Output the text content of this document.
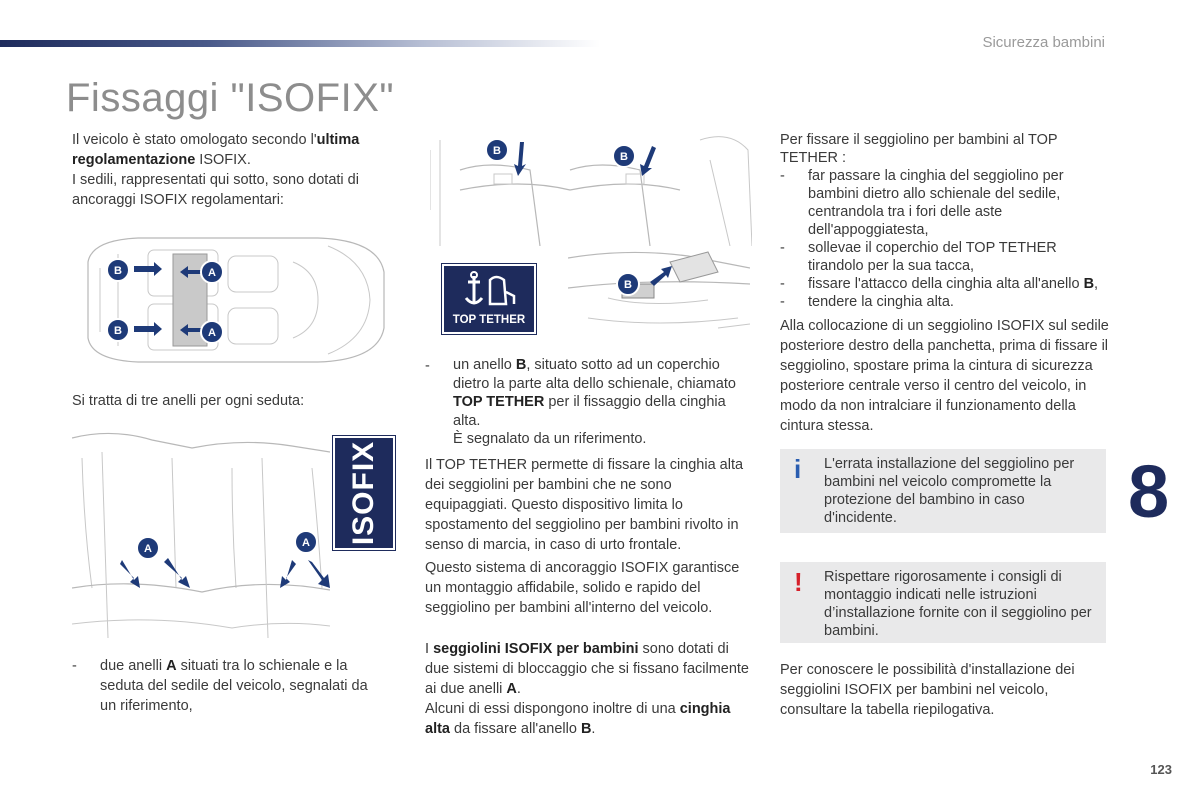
Sicurezza bambini
Fissaggi "ISOFIX"

Il veicolo è stato omologato secondo l'ultima regolamentazione ISOFIX.

I sedili, rappresentati qui sotto, sono dotati di ancoraggi ISOFIX regolamentari:

B
B
A
A
Si tratta di tre anelli per ogni seduta:
A	A ISOFIX
-	due anelli A situati tra lo schienale e la seduta del sedile del veicolo, segnalati da un riferimento,
B	B
TOP TETHER
B
-	un anello B, situato sotto ad un coperchio dietro la parte alta dello schienale, chiamato TOP TETHER per il fissaggio della cinghia alta.
È segnalato da un riferimento.
Il TOP TETHER permette di fissare la cinghia alta dei seggiolini per bambini che ne sono equipaggiati. Questo dispositivo limita lo spostamento del seggiolino per bambini rivolto in senso di marcia, in caso di urto frontale.
Questo sistema di ancoraggio ISOFIX garantisce un montaggio affidabile, solido e rapido del seggiolino per bambini all'interno del veicolo.

I seggiolini ISOFIX per bambini sono dotati di due sistemi di bloccaggio che si fissano facilmente ai due anelli A.

Alcuni di essi dispongono inoltre di una cinghia alta da fissare all'anello B.

Per fissare il seggiolino per bambini al TOP TETHER :

-	far passare la cinghia del seggiolino per bambini dietro allo schienale del sedile, centrandola tra i fori delle aste dell'appoggiatesta,
-	sollevae il coperchio del TOP TETHER tirandolo per la sua tacca,
-	fissare l'attacco della cinghia alta all'anello B,
-	tendere la cinghia alta.
Alla collocazione di un seggiolino ISOFIX sul sedile posteriore destro della panchetta, prima di fissare il seggiolino, spostare prima la cintura di sicurezza posteriore centrale verso il centro del veicolo, in modo da non intralciare il funzionamento della cintura stessa.
i L'errata installazione del seggiolino per bambini nel veicolo compromette la protezione del bambino in caso d'incidente.
! Rispettare rigorosamente i consigli di montaggio indicati nelle istruzioni d’installazione fornite con il seggiolino per bambini.
Per conoscere le possibilità d'installazione dei seggiolini ISOFIX per bambini nel veicolo, consultare la tabella riepilogativa.
8
123
